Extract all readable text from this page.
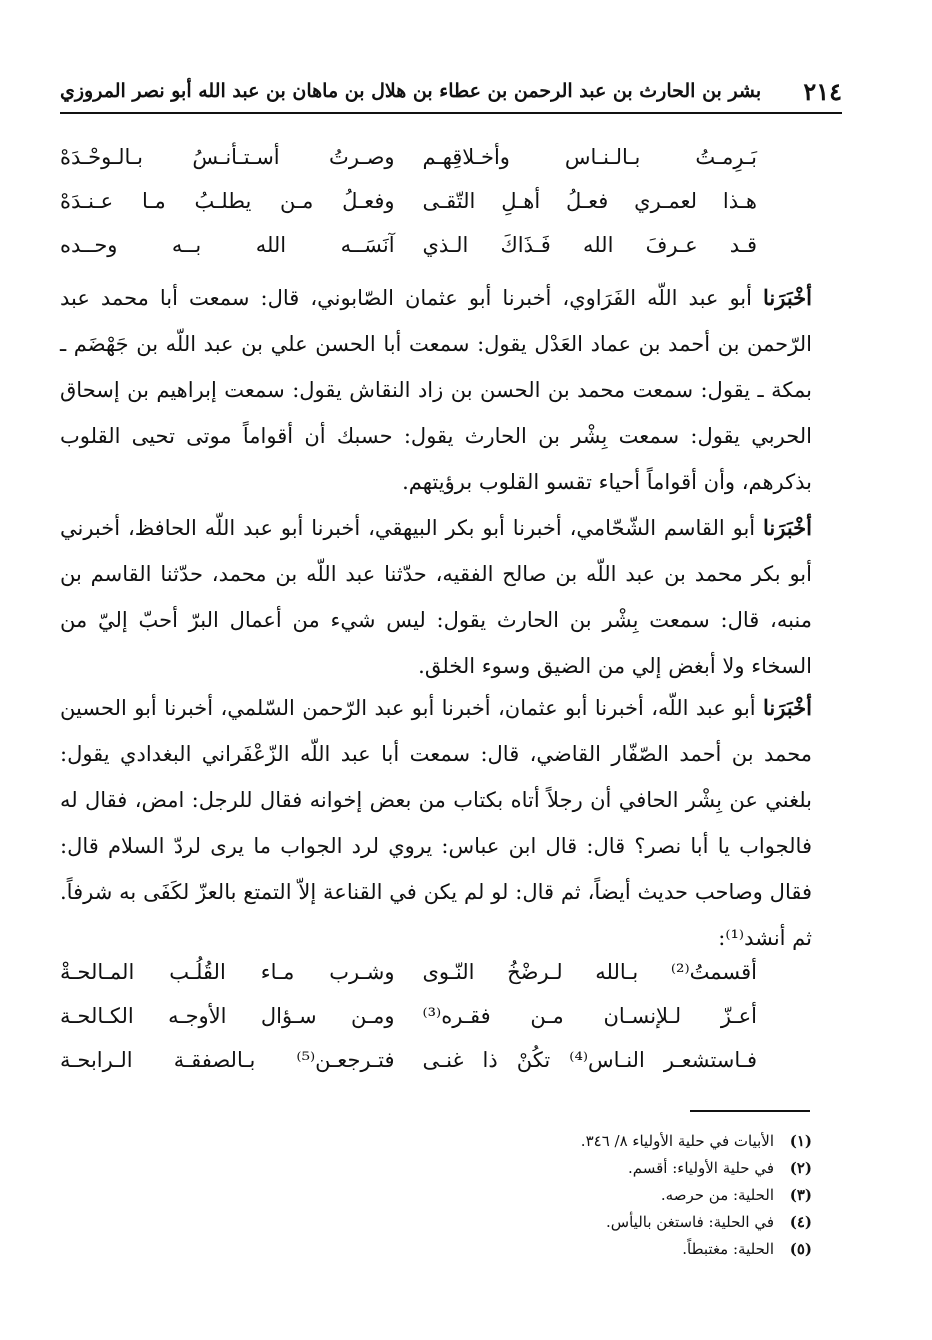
٢١٤
بشر بن الحارث بن عبد الرحمن بن عطاء بن هلال بن ماهان بن عبد الله أبو نصر المروزي
بَـرِمـتُ بـالـنـاس وأخـلاقِهـم
وصـرتُ أسـتـأنـسُ بـالـوحْـدَهْ
هـذا لعمـري فعـلُ أهـلِ التّقـى
وفعـلُ مـن يطلـبُ مـا عـنـدَهْ
قـد عـرفَ الله فَـذَاكَ الـذي
آنَسَــه الله بــه وحــده

أخْبَرَنا أبو عبد اللّه الفَرَاوي، أخبرنا أبو عثمان الصّابوني، قال: سمعت أبا محمد عبد الرّحمن بن أحمد بن عماد العَدْل يقول: سمعت أبا الحسن علي بن عبد اللّه بن جَهْضَم ـ بمكة ـ يقول: سمعت محمد بن الحسن بن زاد النقاش يقول: سمعت إبراهيم بن إسحاق الحربي يقول: سمعت بِشْر بن الحارث يقول: حسبك أن أقواماً موتى تحيى القلوب بذكرهم، وأن أقواماً أحياء تقسو القلوب برؤيتهم.

أخْبَرَنا أبو القاسم الشّحّامي، أخبرنا أبو بكر البيهقي، أخبرنا أبو عبد اللّه الحافظ، أخبرني أبو بكر محمد بن عبد اللّه بن صالح الفقيه، حدّثنا عبد اللّه بن محمد، حدّثنا القاسم بن منبه، قال: سمعت بِشْر بن الحارث يقول: ليس شيء من أعمال البرّ أحبّ إليّ من السخاء ولا أبغض إلي من الضيق وسوء الخلق.

أخْبَرَنا أبو عبد اللّه، أخبرنا أبو عثمان، أخبرنا أبو عبد الرّحمن السّلمي، أخبرنا أبو الحسين محمد بن أحمد الصّفّار القاضي، قال: سمعت أبا عبد اللّه الزّعْفَراني البغدادي يقول: بلغني عن بِشْر الحافي أن رجلاً أتاه بكتاب من بعض إخوانه فقال للرجل: امض، فقال له فالجواب يا أبا نصر؟ قال: قال ابن عباس: يروي لرد الجواب ما يرى لردّ السلام قال: فقال وصاحب حديث أيضاً، ثم قال: لو لم يكن في القناعة إلاّ التمتع بالعزّ لكَفَى به شرفاً. ثم أنشد⁽¹⁾:

أقسمتُ⁽²⁾ بـالله لـرضْخُ النّـوى
وشـرب مـاء القُلُـب المـالحـةْ
أعـزّ لـلإنسـان مـن فقـره⁽³⁾
ومـن سـؤال الأوجـه الكـالحـة
فـاستشعـر النـاس⁽⁴⁾ تكُنْ ذا غنـى
فتـرجعـن⁽⁵⁾ بـالصفقـة الـرابحـة
(١)
الأبيات في حلية الأولياء ٨/ ٣٤٦.
(٢)
في حلية الأولياء: أقسم.
(٣)
الحلية: من حرصه.
(٤)
في الحلية: فاستغن باليأس.
(٥)
الحلية: مغتبطاً.
